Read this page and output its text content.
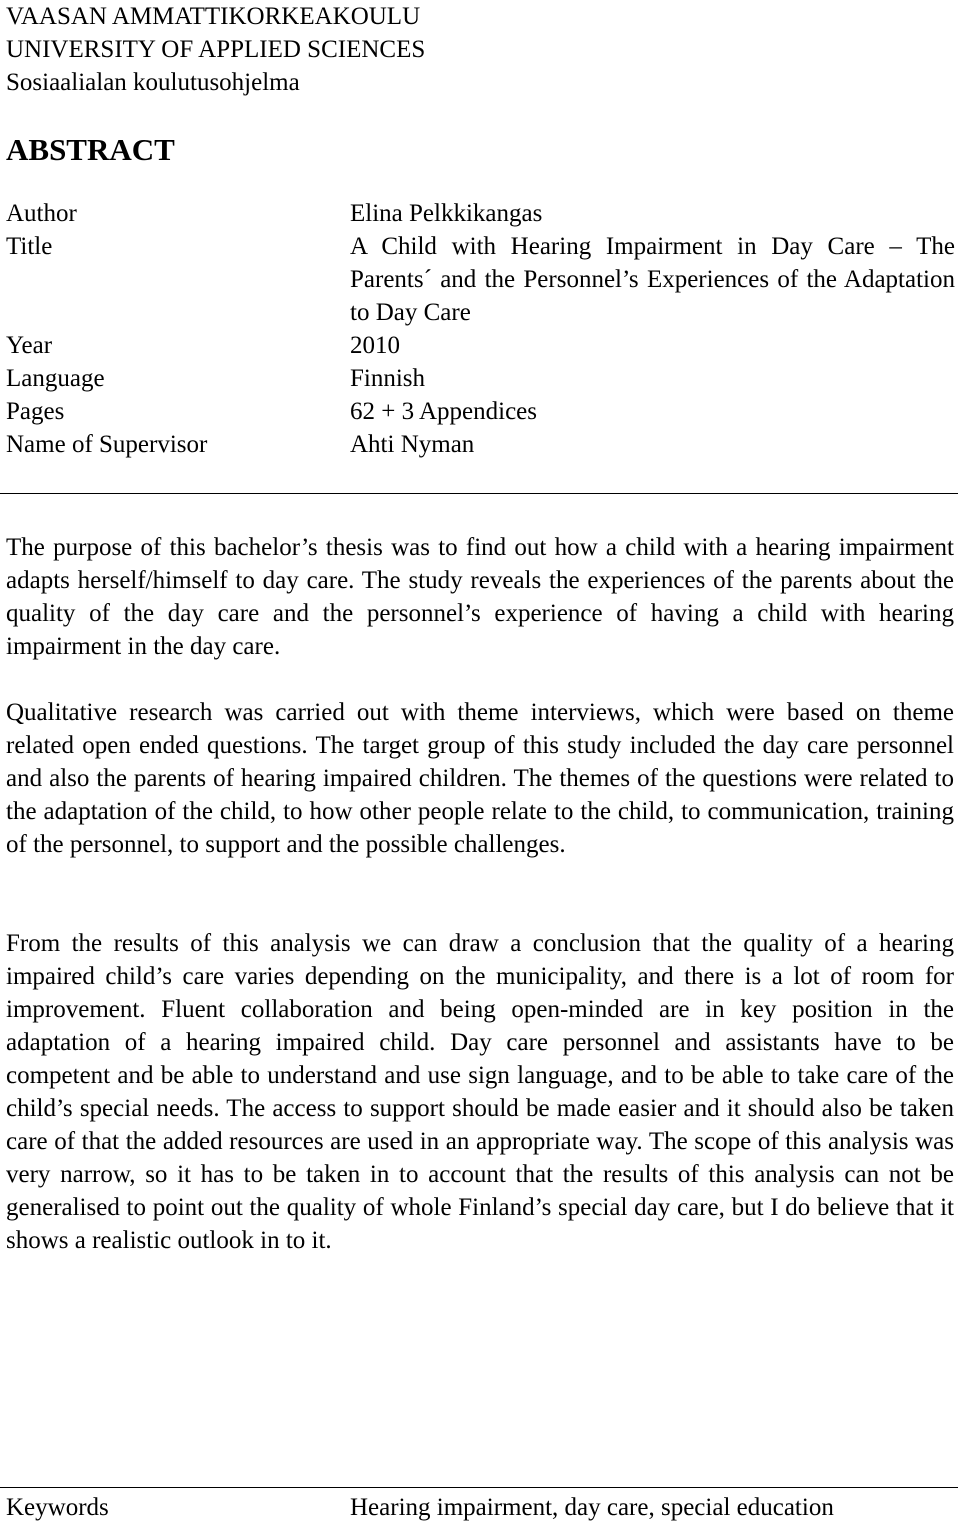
VAASAN AMMATTIKORKEAKOULU
UNIVERSITY OF APPLIED SCIENCES
Sosiaalialan koulutusohjelma
ABSTRACT
Author	Elina Pelkkikangas
Title	A Child with Hearing Impairment in Day Care – The Parents´ and the Personnel’s Experiences of the Adaptation to Day Care
Year	2010
Language	Finnish
Pages	62 + 3 Appendices
Name of Supervisor	Ahti Nyman

The purpose of this bachelor’s thesis was to find out how a child with a hearing impairment adapts herself/himself to day care. The study reveals the experiences of the parents about the quality of the day care and the personnel’s experience of having a child with hearing impairment in the day care.

Qualitative research was carried out with theme interviews, which were based on theme related open ended questions. The target group of this study included the day care personnel and also the parents of hearing impaired children. The themes of the questions were related to the adaptation of the child, to how other people relate to the child, to communication, training of the personnel, to support and the possible challenges.

From the results of this analysis we can draw a conclusion that the quality of a hearing impaired child’s care varies depending on the municipality, and there is a lot of room for improvement. Fluent collaboration and being open-minded are in key position in the adaptation of a hearing impaired child. Day care personnel and assistants have to be competent and be able to understand and use sign language, and to be able to take care of the child’s special needs. The access to support should be made easier and it should also be taken care of that the added resources are used in an appropriate way. The scope of this analysis was very narrow, so it has to be taken in to account that the results of this analysis can not be generalised to point out the quality of whole Finland’s special day care, but I do believe that it shows a realistic outlook in to it.

Keywords	Hearing impairment, day care, special education
